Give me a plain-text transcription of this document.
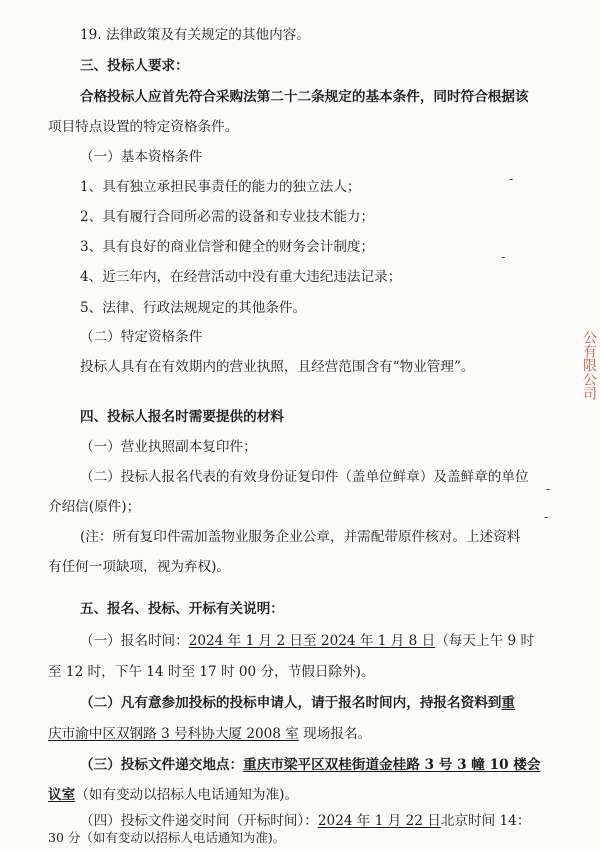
19. 法律政策及有关规定的其他内容。
三、投标人要求：
合格投标人应首先符合采购法第二十二条规定的基本条件，同时符合根据该
项目特点设置的特定资格条件。
（一）基本资格条件
1、具有独立承担民事责任的能力的独立法人；
2、具有履行合同所必需的设备和专业技术能力；
3、具有良好的商业信誉和健全的财务会计制度；
4、近三年内，在经营活动中没有重大违纪违法记录；
5、法律、行政法规规定的其他条件。
（二）特定资格条件
投标人具有在有效期内的营业执照，且经营范围含有“物业管理”。
四、投标人报名时需要提供的材料
（一）营业执照副本复印件；
（二）投标人报名代表的有效身份证复印件（盖单位鲜章）及盖鲜章的单位
介绍信(原件)；
(注：所有复印件需加盖物业服务企业公章，并需配带原件核对。上述资料
有任何一项缺项，视为弃权)。
五、报名、投标、开标有关说明：
（一）报名时间：2024 年 1 月 2 日至 2024 年 1 月 8 日（每天上午 9 时
至 12 时，下午 14 时至 17 时 00 分，节假日除外)。
（二）凡有意参加投标的投标申请人，请于报名时间内，持报名资料到重
庆市渝中区双钢路 3 号科协大厦 2008 室 现场报名。
（三）投标文件递交地点：重庆市梁平区双桂街道金桂路 3 号 3 幢 10 楼会
议室（如有变动以招标人电话通知为准)。
（四）投标文件递交时间（开标时间）：2024 年 1 月 22 日北京时间 14：
30 分（如有变动以招标人电话通知为准)。
公有限公司
-
-
-
-
